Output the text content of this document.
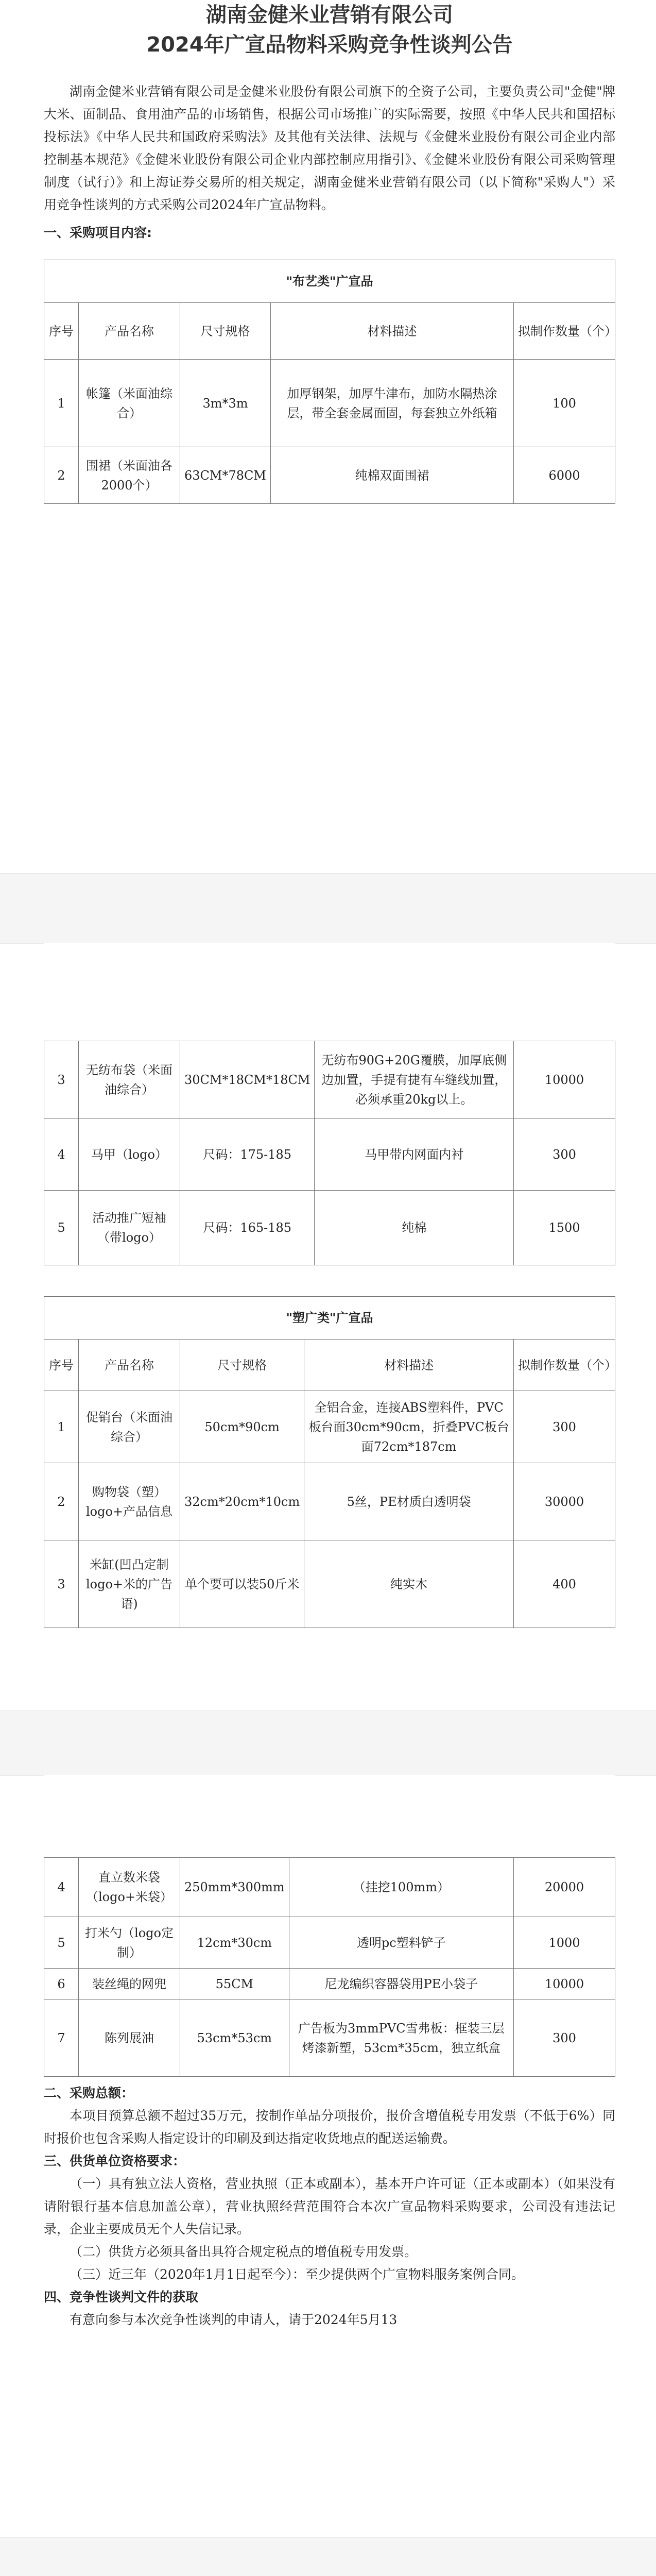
湖南金健米业营销有限公司
2024年广宣品物料采购竞争性谈判公告

湖南金健米业营销有限公司是金健米业股份有限公司旗下的全资子公司，主要负责公司"金健"牌大米、面制品、食用油产品的市场销售，根据公司市场推广的实际需要，按照《中华人民共和国招标投标法》《中华人民共和国政府采购法》及其他有关法律、法规与《金健米业股份有限公司企业内部控制基本规范》《金健米业股份有限公司企业内部控制应用指引》、《金健米业股份有限公司采购管理制度（试行）》和上海证券交易所的相关规定，湖南金健米业营销有限公司（以下简称"采购人"）采用竞争性谈判的方式采购公司2024年广宣品物料。

一、采购项目内容:

"布艺类"广宣品				
序号	产品名称	尺寸规格	材料描述	拟制作数量（个）
1	帐篷（米面油综合）	3m*3m	加厚钢架，加厚牛津布，加防水隔热涂层，带全套金属面固，每套独立外纸箱	100
2	围裙（米面油各2000个）	63CM*78CM	纯棉双面围裙	6000
3	无纺布袋（米面油综合）	30CM*18CM*18CM	无纺布90G+20G覆膜，加厚底侧边加置，手提有捷有车缝线加置，必须承重20kg以上。	10000
4	马甲（logo）	尺码：175-185	马甲带内网面内衬	300
5	活动推广短袖（带logo）	尺码：165-185	纯棉	1500
"塑广类"广宣品				
序号	产品名称	尺寸规格	材料描述	拟制作数量（个）
1	促销台（米面油综合）	50cm*90cm	全铝合金，连接ABS塑料件，PVC板台面30cm*90cm，折叠PVC板台面72cm*187cm	300
2	购物袋（塑）logo+产品信息	32cm*20cm*10cm	5丝，PE材质白透明袋	30000
3	米缸(凹凸定制logo+米的广告语)	单个要可以装50斤米	纯实木	400
4	直立数米袋（logo+米袋）	250mm*300mm	（挂挖100mm）	20000
5	打米勺（logo定制）	12cm*30cm	透明pc塑料铲子	1000
6	装丝绳的网兜	55CM	尼龙编织容器袋用PE小袋子	10000
7	陈列展油	53cm*53cm	广告板为3mmPVC雪弗板：框装三层烤漆新塑，53cm*35cm，独立纸盒	300

二、采购总额：

本项目预算总额不超过35万元，按制作单品分项报价，报价含增值税专用发票（不低于6%）同时报价也包含采购人指定设计的印刷及到达指定收货地点的配送运输费。

三、供货单位资格要求：

（一）具有独立法人资格，营业执照（正本或副本），基本开户许可证（正本或副本）（如果没有请附银行基本信息加盖公章），营业执照经营范围符合本次广宣品物料采购要求，公司没有违法记录，企业主要成员无个人失信记录。

（二）供货方必须具备出具符合规定税点的增值税专用发票。

（三）近三年（2020年1月1日起至今）：至少提供两个广宣物料服务案例合同。

四、竞争性谈判文件的获取

有意向参与本次竞争性谈判的申请人，请于2024年5月13
